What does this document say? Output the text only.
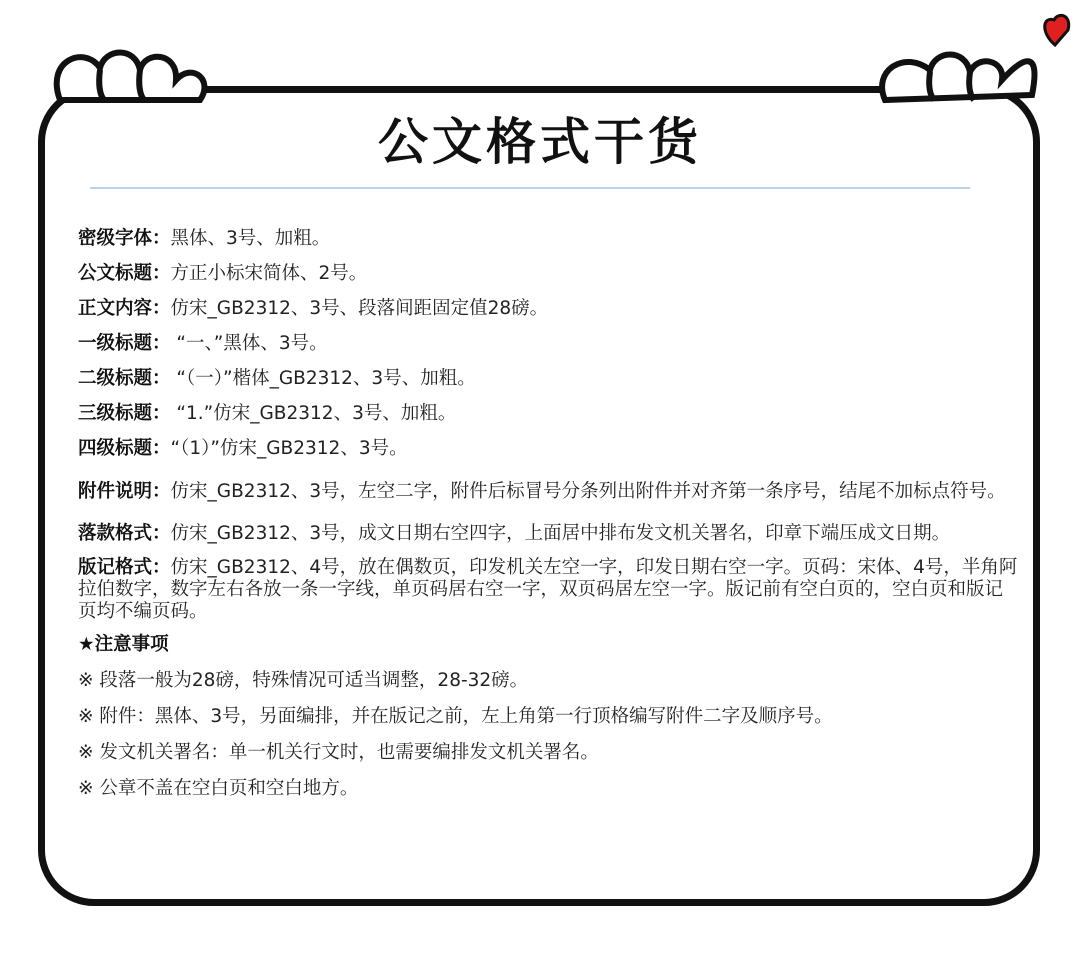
公文格式干货

密级字体：黑体、3号、加粗。

公文标题：方正小标宋简体、2号。

正文内容：仿宋_GB2312、3号、段落间距固定值28磅。

一级标题： “一、”黑体、3号。

二级标题： “（一）”楷体_GB2312、3号、加粗。

三级标题： “1.”仿宋_GB2312、3号、加粗。

四级标题：“（1）”仿宋_GB2312、3号。

附件说明：仿宋_GB2312、3号，左空二字，附件后标冒号分条列出附件并对齐第一条序号，结尾不加标点符号。

落款格式：仿宋_GB2312、3号，成文日期右空四字，上面居中排布发文机关署名，印章下端压成文日期。

版记格式：仿宋_GB2312、4号，放在偶数页，印发机关左空一字，印发日期右空一字。页码：宋体、4号，半角阿拉伯数字，数字左右各放一条一字线，单页码居右空一字，双页码居左空一字。版记前有空白页的，空白页和版记页均不编页码。

★注意事项

※ 段落一般为28磅，特殊情况可适当调整，28-32磅。

※ 附件：黑体、3号，另面编排，并在版记之前，左上角第一行顶格编写附件二字及顺序号。

※ 发文机关署名：单一机关行文时，也需要编排发文机关署名。

※ 公章不盖在空白页和空白地方。
